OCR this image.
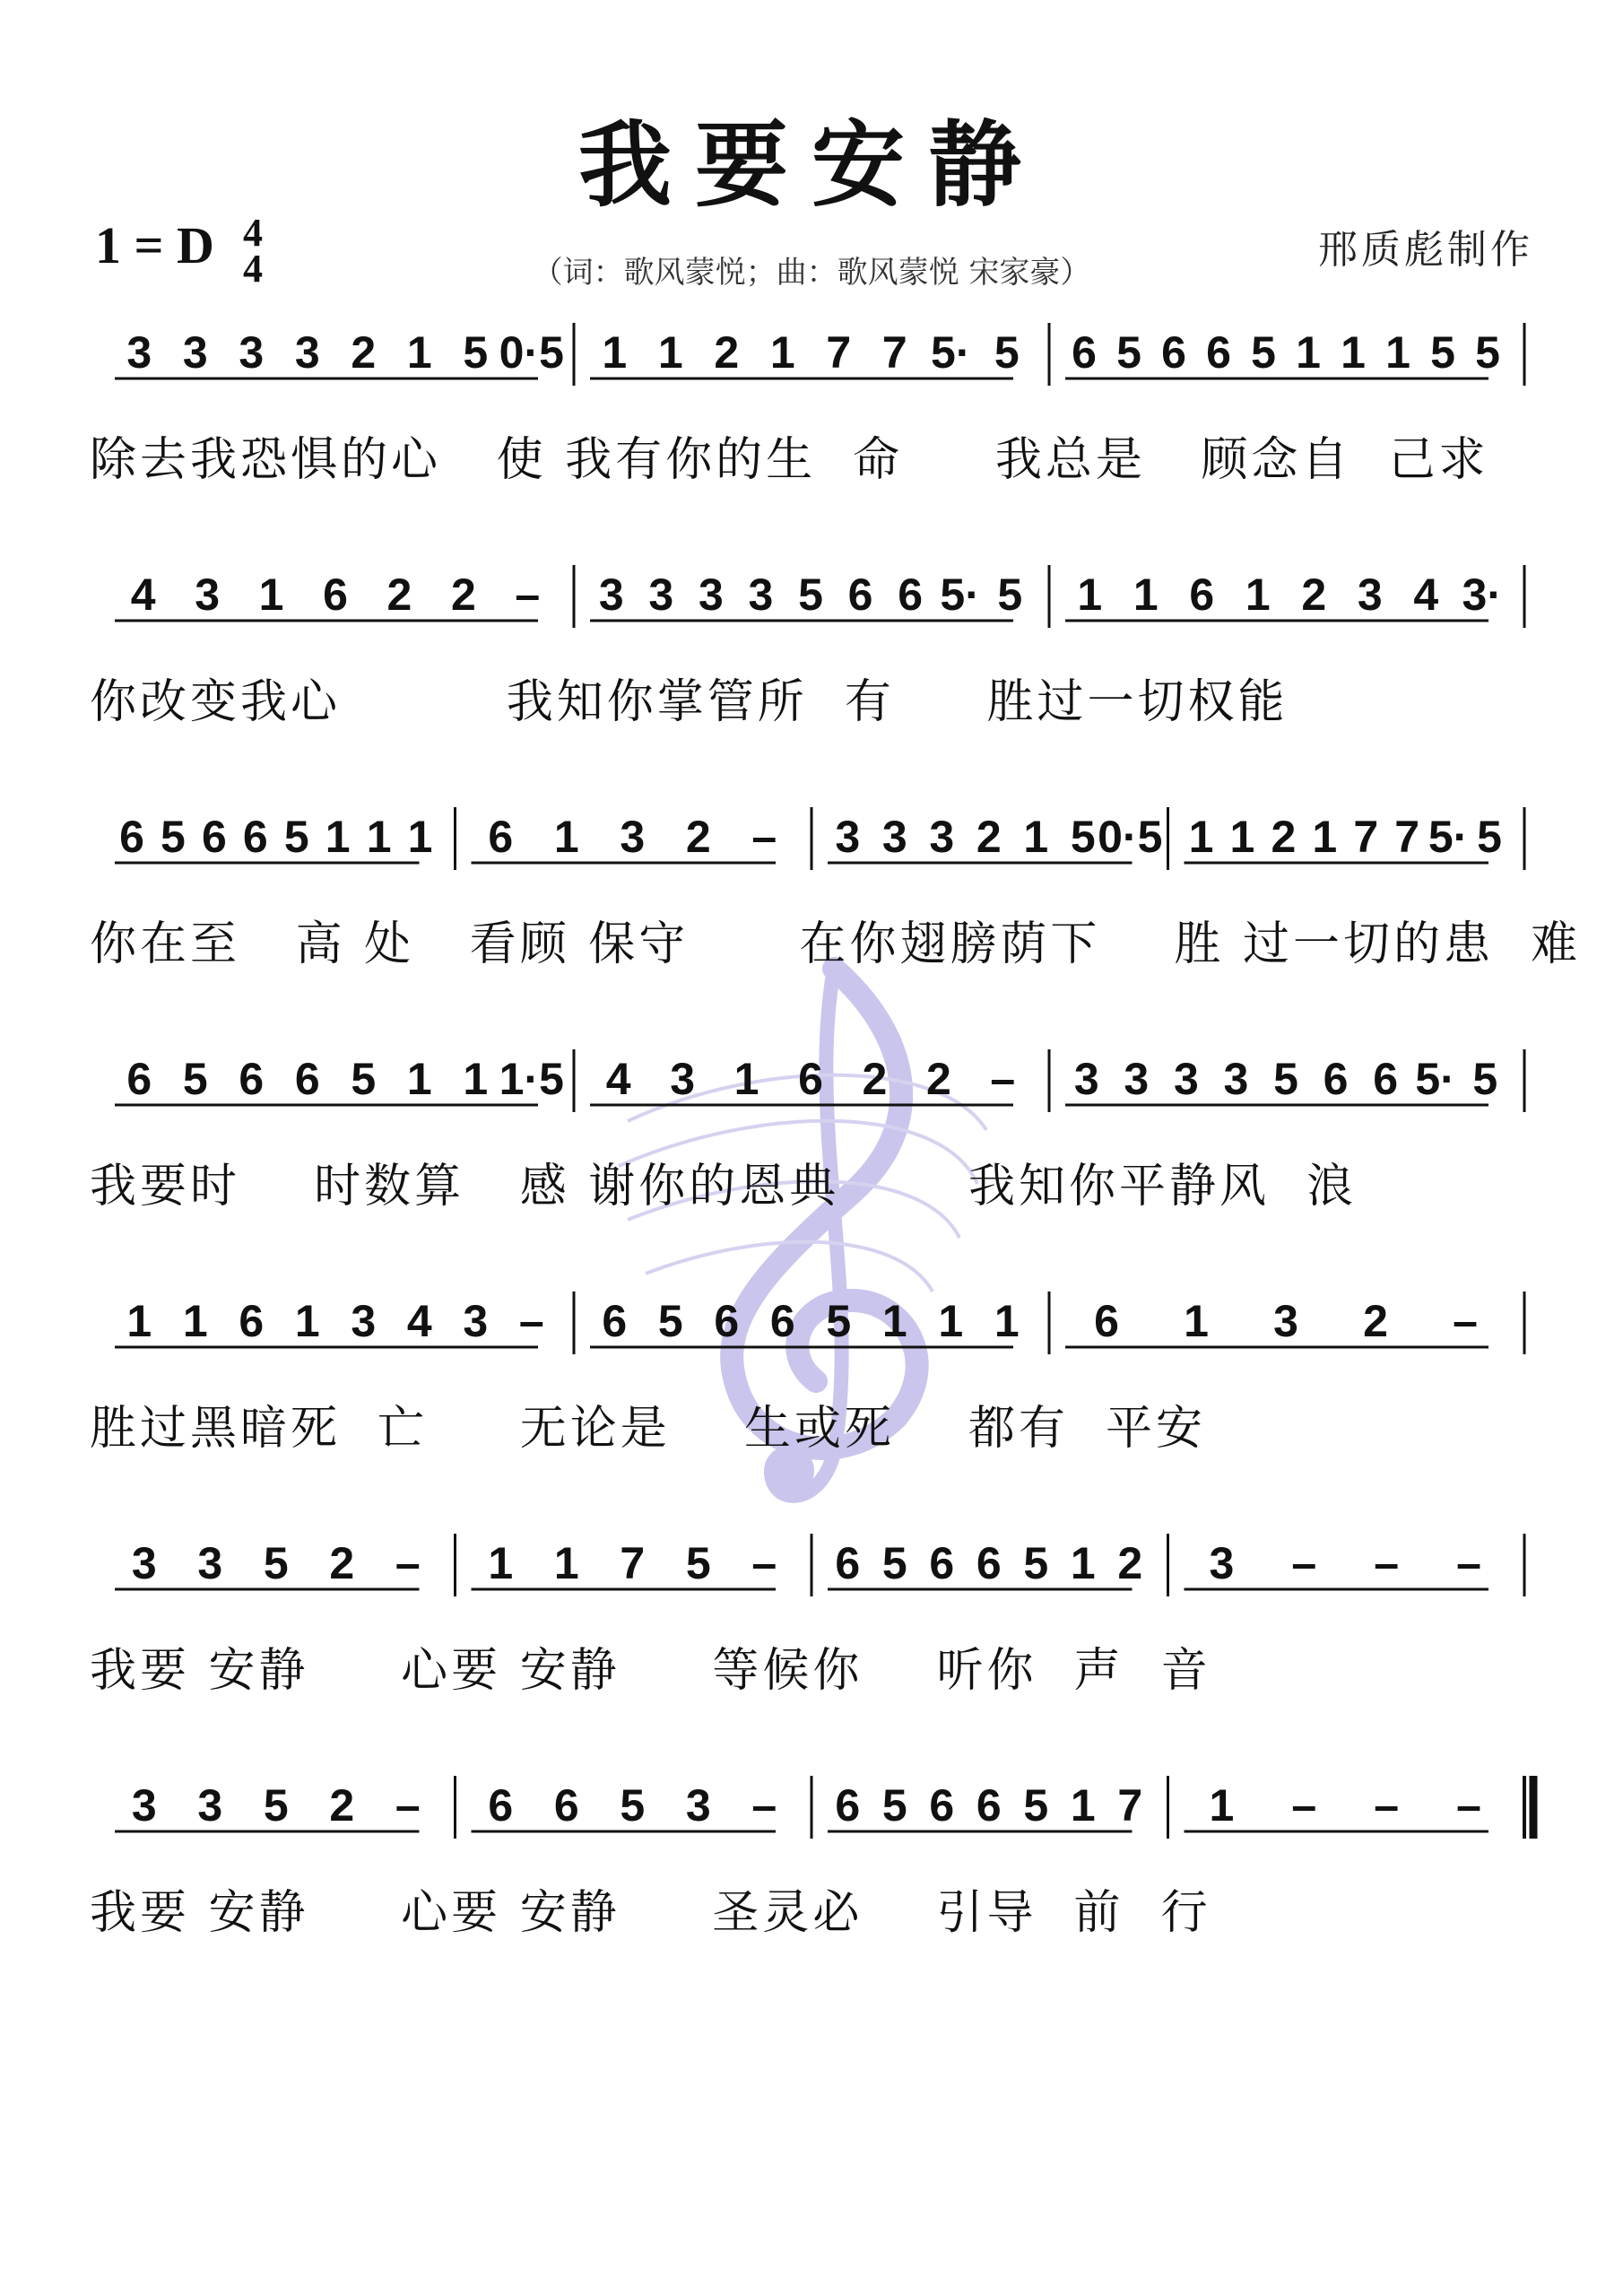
我要安静
1 = D 4
4	（词：歌风蒙悦；曲：歌风蒙悦 宋家豪）	邢质彪制作
3 3 3 3 2 1 5 0·5 1 1 2 1 7 7 5· 5 6 5 6 6 5 1 1 1 5 5
4 3 1 6 2 2 – 3 3 3 3 5 6 6 5· 5 1 1 6 1 2 3 4 3·
6 5 6 6 5 1 1 1 6 1 3 2 – 3 3 3 2 1 5 0·5 1 1 2 1 7 7 5· 5
6 5 6 6 5 1 1 1·5 4 3 1 6 2 2 – 3 3 3 3 5 6 6 5· 5
1 1 6 1 3 4 3 – 6 5 6 6 5 1 1 1 6 1 3 2 –
3 3 5 2 – 1 1 7 5 – 6 5 6 6 5 1 2 3 – – –
3 3 5 2 – 6 6 5 3 – 6 5 6 6 5 1 7 1 – – –
除去我恐惧的心   使 我有你的生  命     我总是   顾念自  己求
你改变我心         我知你掌管所  有     胜过一切权能
你在至   高 处   看顾 保守      在你翅膀荫下    胜 过一切的患  难
我要时    时数算   感 谢你的恩典       我知你平静风  浪
胜过黑暗死  亡     无论是    生或死    都有  平安
我要 安静     心要 安静     等候你    听你  声  音
我要 安静     心要 安静     圣灵必    引导  前  行
